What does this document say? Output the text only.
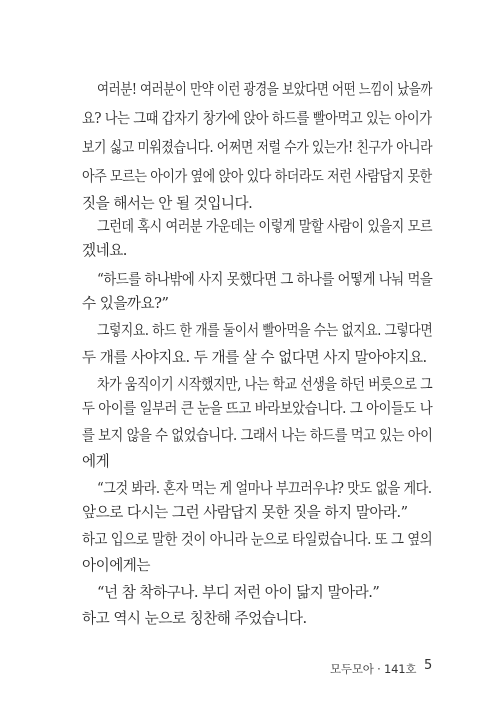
여러분! 여러분이 만약 이런 광경을 보았다면 어떤 느낌이 났을까
요? 나는 그때 갑자기 창가에 앉아 하드를 빨아먹고 있는 아이가
보기 싫고 미워졌습니다. 어쩌면 저럴 수가 있는가! 친구가 아니라
아주 모르는 아이가 옆에 앉아 있다 하더라도 저런 사람답지 못한
짓을 해서는 안 될 것입니다.
그런데 혹시 여러분 가운데는 이렇게 말할 사람이 있을지 모르
겠네요.
“하드를 하나밖에 사지 못했다면 그 하나를 어떻게 나눠 먹을
수 있을까요?”
그렇지요. 하드 한 개를 둘이서 빨아먹을 수는 없지요. 그렇다면
두 개를 사야지요. 두 개를 살 수 없다면 사지 말아야지요.
차가 움직이기 시작했지만, 나는 학교 선생을 하던 버릇으로 그
두 아이를 일부러 큰 눈을 뜨고 바라보았습니다. 그 아이들도 나
를 보지 않을 수 없었습니다. 그래서 나는 하드를 먹고 있는 아이
에게
“그것 봐라. 혼자 먹는 게 얼마나 부끄러우냐? 맛도 없을 게다.
앞으로 다시는 그런 사람답지 못한 짓을 하지 말아라.”
하고 입으로 말한 것이 아니라 눈으로 타일렀습니다. 또 그 옆의
아이에게는
“넌 참 착하구나. 부디 저런 아이 닮지 말아라.”
하고 역시 눈으로 칭찬해 주었습니다.
모두모아 · 141호 5
